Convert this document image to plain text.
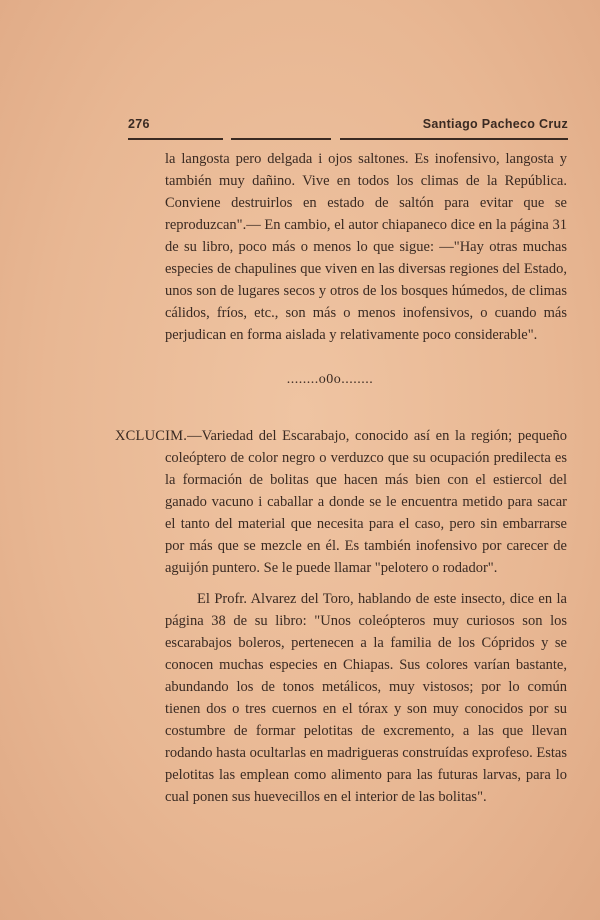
276	Santiago Pacheco Cruz

la langosta pero delgada i ojos saltones. Es inofensivo, langosta y también muy dañino. Vive en todos los climas de la República. Conviene destruirlos en estado de saltón para evitar que se reproduzcan".— En cambio, el autor chiapaneco dice en la página 31 de su libro, poco más o menos lo que sigue: —"Hay otras muchas especies de chapulines que viven en las diversas regiones del Estado, unos son de lugares secos y otros de los bosques húmedos, de climas cálidos, fríos, etc., son más o menos inofensivos, o cuando más perjudican en forma aislada y relativamente poco considerable".

........o0o........

XCLUCIM.—Variedad del Escarabajo, conocido así en la región; pequeño coleóptero de color negro o verduzco que su ocupación predilecta es la formación de bolitas que hacen más bien con el estiercol del ganado vacuno i caballar a donde se le encuentra metido para sacar el tanto del material que necesita para el caso, pero sin embarrarse por más que se mezcle en él. Es también inofensivo por carecer de aguijón puntero. Se le puede llamar "pelotero o rodador".

El Profr. Alvarez del Toro, hablando de este insecto, dice en la página 38 de su libro: "Unos coleópteros muy curiosos son los escarabajos boleros, pertenecen a la familia de los Cópridos y se conocen muchas especies en Chiapas. Sus colores varían bastante, abundando los de tonos metálicos, muy vistosos; por lo común tienen dos o tres cuernos en el tórax y son muy conocidos por su costumbre de formar pelotitas de excremento, a las que llevan rodando hasta ocultarlas en madrigueras construídas exprofeso. Estas pelotitas las emplean como alimento para las futuras larvas, para lo cual ponen sus huevecillos en el interior de las bolitas".
